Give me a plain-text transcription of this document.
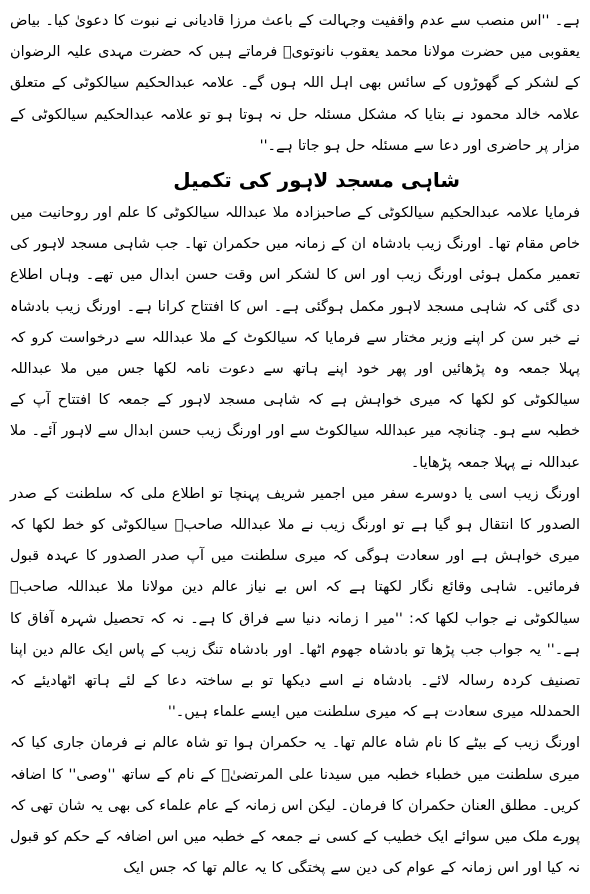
ہے۔ ''اس منصب سے عدم واقفیت وجہالت کے باعث مرزا قادیانی نے نبوت کا دعویٰ کیا۔ بیاض یعقوبی میں حضرت مولانا محمد یعقوب نانوتویؒ فرماتے ہیں کہ حضرت مہدی علیہ الرضوان کے لشکر کے گھوڑوں کے سائس بھی اہل اللہ ہوں گے۔ علامہ عبدالحکیم سیالکوٹی کے متعلق علامہ خالد محمود نے بتایا کہ مشکل مسئلہ حل نہ ہوتا ہو تو علامہ عبدالحکیم سیالکوٹی کے مزار پر حاضری اور دعا سے مسئلہ حل ہو جاتا ہے۔''

شاہی مسجد لاہور کی تکمیل

فرمایا علامہ عبدالحکیم سیالکوٹی کے صاحبزادہ ملا عبداللہ سیالکوٹی کا علم اور روحانیت میں خاص مقام تھا۔ اورنگ زیب بادشاہ ان کے زمانہ میں حکمران تھا۔ جب شاہی مسجد لاہور کی تعمیر مکمل ہوئی اورنگ زیب اور اس کا لشکر اس وقت حسن ابدال میں تھے۔ وہاں اطلاع دی گئی کہ شاہی مسجد لاہور مکمل ہوگئی ہے۔ اس کا افتتاح کرانا ہے۔ اورنگ زیب بادشاہ نے خبر سن کر اپنے وزیر مختار سے فرمایا کہ سیالکوٹ کے ملا عبداللہ سے درخواست کرو کہ پہلا جمعہ وہ پڑھائیں اور پھر خود اپنے ہاتھ سے دعوت نامہ لکھا جس میں ملا عبداللہ سیالکوٹی کو لکھا کہ میری خواہش ہے کہ شاہی مسجد لاہور کے جمعہ کا افتتاح آپ کے خطبہ سے ہو۔ چنانچہ میر عبداللہ سیالکوٹ سے اور اورنگ زیب حسن ابدال سے لاہور آئے۔ ملا عبداللہ نے پہلا جمعہ پڑھایا۔

اورنگ زیب اسی یا دوسرے سفر میں اجمیر شریف پہنچا تو اطلاع ملی کہ سلطنت کے صدر الصدور کا انتقال ہو گیا ہے تو اورنگ زیب نے ملا عبداللہ صاحبؒ سیالکوٹی کو خط لکھا کہ میری خواہش ہے اور سعادت ہوگی کہ میری سلطنت میں آپ صدر الصدور کا عہدہ قبول فرمائیں۔ شاہی وقائع نگار لکھتا ہے کہ اس بے نیاز عالم دین مولانا ملا عبداللہ صاحبؒ سیالکوٹی نے جواب لکھا کہ: ''میر ا زمانہ دنیا سے فراق کا ہے۔ نہ کہ تحصیل شہرہ آفاق کا ہے۔'' یہ جواب جب پڑھا تو بادشاہ جھوم اٹھا۔ اور بادشاہ تنگ زیب کے پاس ایک عالم دین اپنا تصنیف کردہ رسالہ لائے۔ بادشاہ نے اسے دیکھا تو بے ساختہ دعا کے لئے ہاتھ اٹھادیئے کہ الحمدللہ میری سعادت ہے کہ میری سلطنت میں ایسے علماء ہیں۔''

اورنگ زیب کے بیٹے کا نام شاہ عالم تھا۔ یہ حکمران ہوا تو شاہ عالم نے فرمان جاری کیا کہ میری سلطنت میں خطباء خطبہ میں سیدنا علی المرتضیٰؓ کے نام کے ساتھ ''وصی'' کا اضافہ کریں۔ مطلق العنان حکمران کا فرمان۔ لیکن اس زمانہ کے عام علماء کی بھی یہ شان تھی کہ پورے ملک میں سوائے ایک خطیب کے کسی نے جمعہ کے خطبہ میں اس اضافہ کے حکم کو قبول نہ کیا اور اس زمانہ کے عوام کی دین سے پختگی کا یہ عالم تھا کہ جس ایک
